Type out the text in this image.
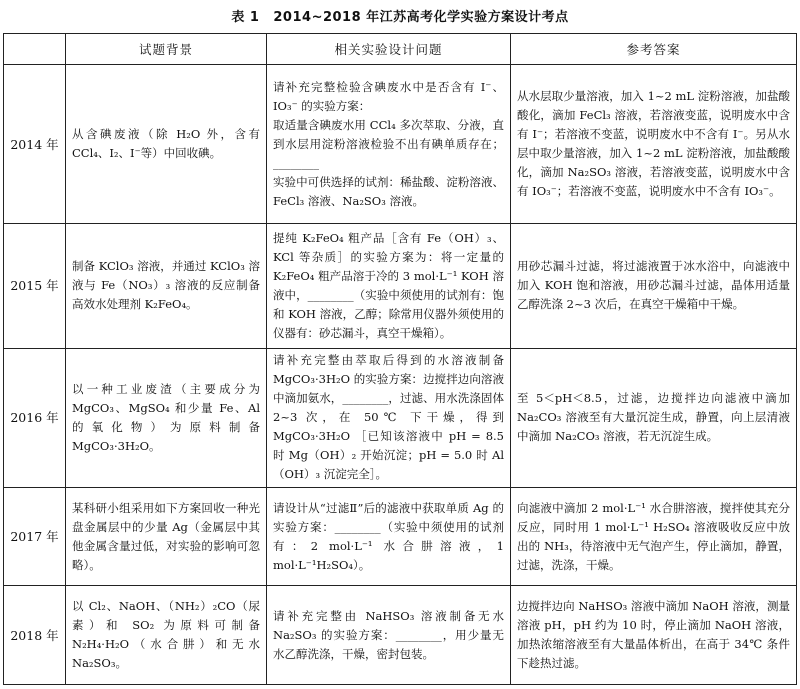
表 1 2014~2018 年江苏高考化学实验方案设计考点
	试题背景	相关实验设计问题	参考答案
2014 年	从含碘废液（除 H₂O 外，含有 CCl₄、I₂、I⁻等）中回收碘。	请补充完整检验含碘废水中是否含有 I⁻、IO₃⁻ 的实验方案：
取适量含碘废水用 CCl₄ 多次萃取、分液，直到水层用淀粉溶液检验不出有碘单质存在；________
实验中可供选择的试剂：稀盐酸、淀粉溶液、FeCl₃ 溶液、Na₂SO₃ 溶液。	从水层取少量溶液，加入 1~2 mL 淀粉溶液，加盐酸酸化，滴加 FeCl₃ 溶液，若溶液变蓝，说明废水中含有 I⁻；若溶液不变蓝，说明废水中不含有 I⁻。另从水层中取少量溶液，加入 1~2 mL 淀粉溶液，加盐酸酸化，滴加 Na₂SO₃ 溶液，若溶液变蓝，说明废水中含有 IO₃⁻；若溶液不变蓝，说明废水中不含有 IO₃⁻。

2015 年	制备 KClO₃ 溶液，并通过 KClO₃ 溶液与 Fe（NO₃）₃ 溶液的反应制备高效水处理剂 K₂FeO₄。	提纯 K₂FeO₄ 粗产品［含有 Fe（OH）₃、KCl 等杂质］的实验方案为：将一定量的 K₂FeO₄ 粗产品溶于冷的 3 mol·L⁻¹ KOH 溶液中，________（实验中须使用的试剂有：饱和 KOH 溶液，乙醇；除常用仪器外须使用的仪器有：砂芯漏斗，真空干燥箱）。	用砂芯漏斗过滤，将过滤液置于冰水浴中，向滤液中加入 KOH 饱和溶液，用砂芯漏斗过滤，晶体用适量乙醇洗涤 2~3 次后，在真空干燥箱中干燥。

2016 年	以一种工业废渣（主要成分为 MgCO₃、MgSO₄ 和少量 Fe、Al 的氧化物）为原料制备 MgCO₃·3H₂O。	请补充完整由萃取后得到的水溶液制备 MgCO₃·3H₂O 的实验方案：边搅拌边向溶液中滴加氨水，________，过滤、用水洗涤固体 2~3 次，在 50℃ 下干燥，得到 MgCO₃·3H₂O ［已知该溶液中 pH = 8.5 时 Mg（OH）₂ 开始沉淀；pH = 5.0 时 Al（OH）₃ 沉淀完全］。	至 5＜pH＜8.5，过滤，边搅拌边向滤液中滴加 Na₂CO₃ 溶液至有大量沉淀生成，静置，向上层清液中滴加 Na₂CO₃ 溶液，若无沉淀生成。

2017 年	某科研小组采用如下方案回收一种光盘金属层中的少量 Ag（金属层中其他金属含量过低，对实验的影响可忽略）。	请设计从“过滤Ⅱ”后的滤液中获取单质 Ag 的实验方案：________（实验中须使用的试剂有：2 mol·L⁻¹ 水合肼溶液，1 mol·L⁻¹H₂SO₄）。	向滤液中滴加 2 mol·L⁻¹ 水合肼溶液，搅拌使其充分反应，同时用 1 mol·L⁻¹ H₂SO₄ 溶液吸收反应中放出的 NH₃，待溶液中无气泡产生，停止滴加，静置，过滤，洗涤，干燥。

2018 年	以 Cl₂、NaOH、（NH₂）₂CO（尿素）和 SO₂ 为原料可制备 N₂H₄·H₂O（水合肼）和无水 Na₂SO₃。	请补充完整由 NaHSO₃ 溶液制备无水 Na₂SO₃ 的实验方案：________，用少量无水乙醇洗涤，干燥，密封包装。	边搅拌边向 NaHSO₃ 溶液中滴加 NaOH 溶液，测量溶液 pH，pH 约为 10 时，停止滴加 NaOH 溶液，加热浓缩溶液至有大量晶体析出，在高于 34℃ 条件下趁热过滤。
